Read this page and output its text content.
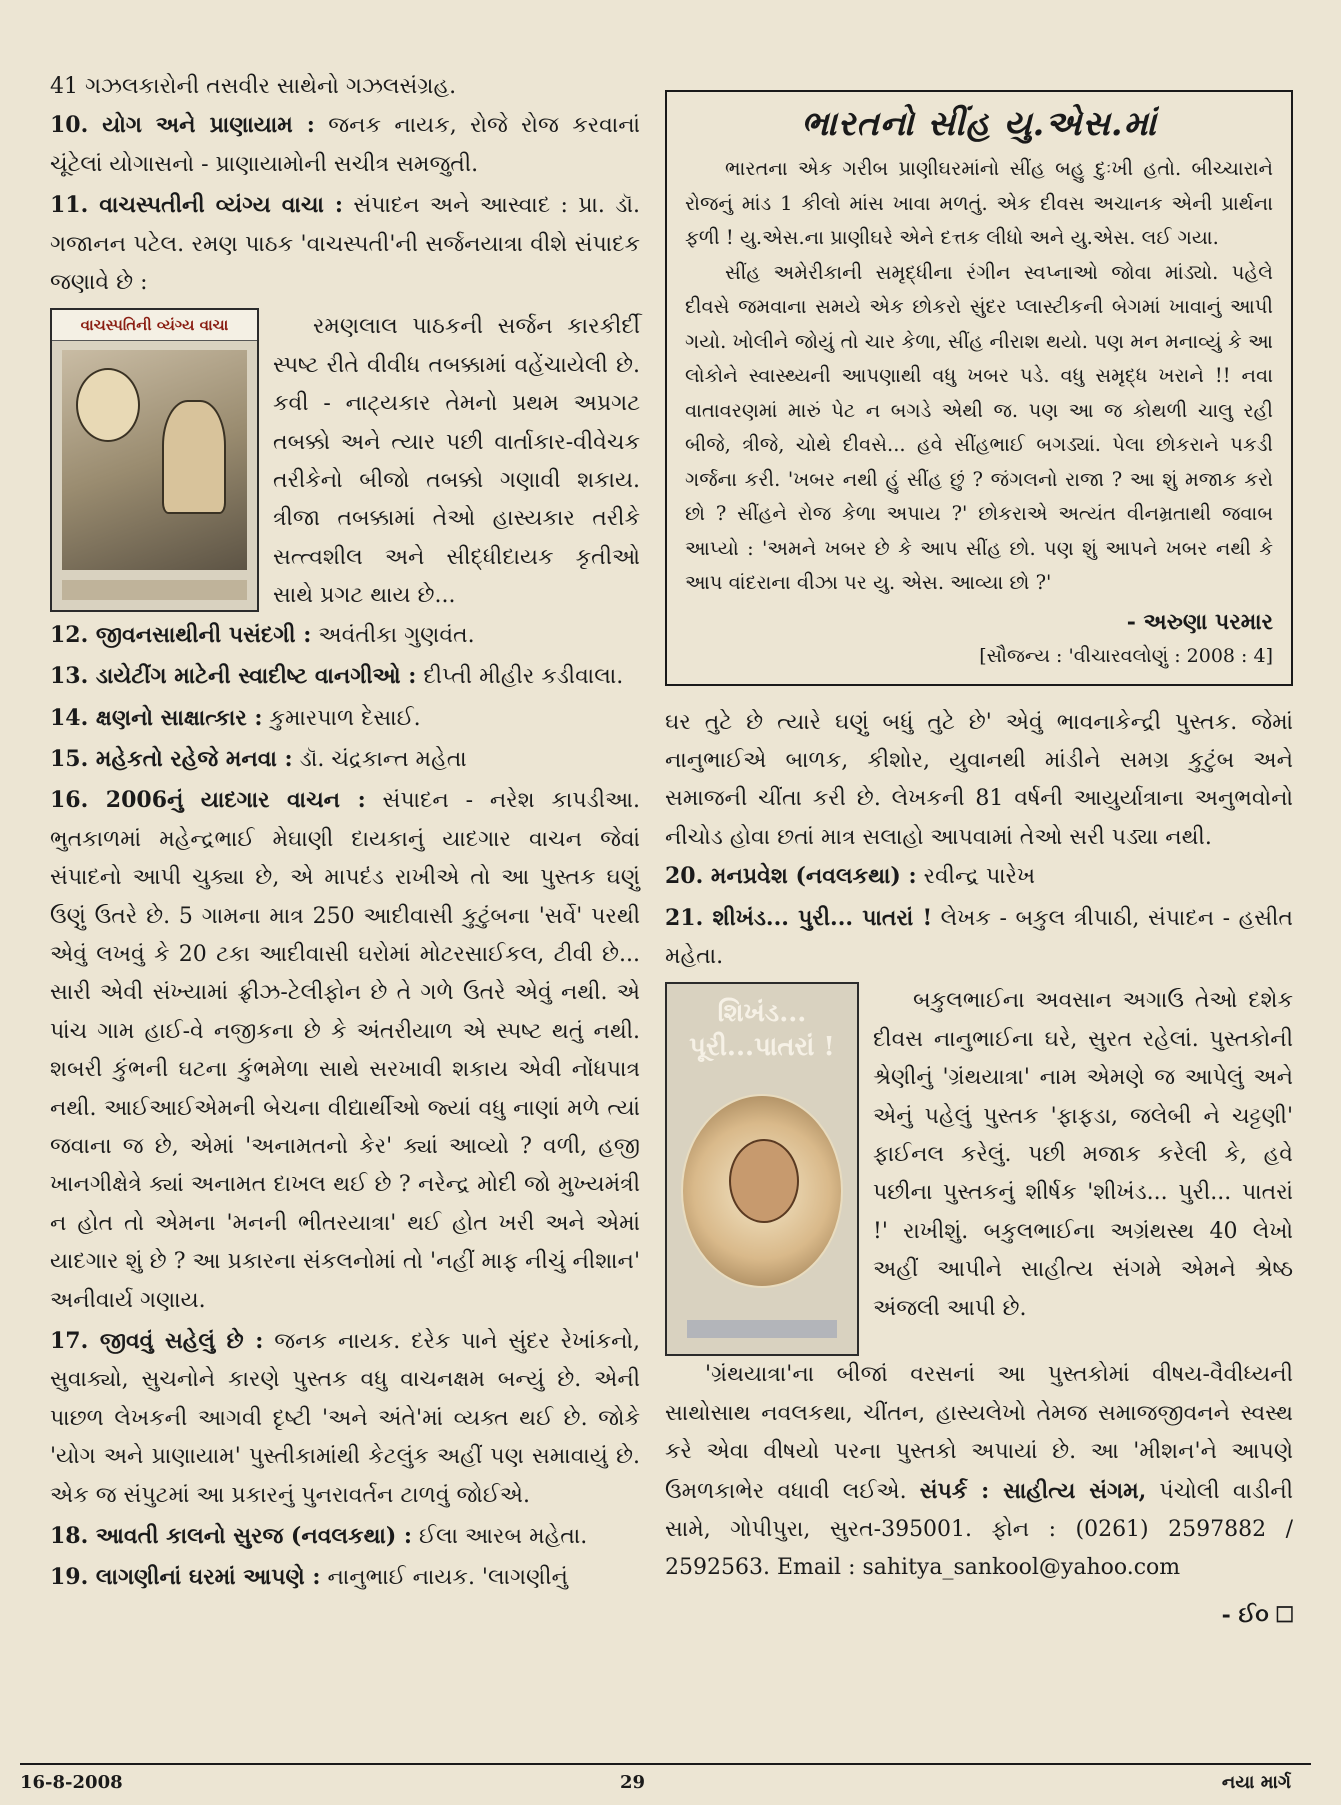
41 ગઝલકારોની તસવીર સાથેનો ગઝલસંગ્રહ.

10. યોગ અને પ્રાણાયામ : જનક નાયક, રોજે રોજ કરવાનાં ચૂંટેલાં યોગાસનો - પ્રાણાયામોની સચીત્ર સમજુતી.

11. વાચસ્પતીની વ્યંગ્ય વાચા : સંપાદન અને આસ્વાદ : પ્રા. ડૉ. ગજાનન પટેલ. રમણ પાઠક 'વાચસ્પતી'ની સર્જનયાત્રા વીશે સંપાદક જણાવે છે :

વાચસ્પતિની વ્યંગ્ય વાચા	રમણલાલ પાઠકની સર્જન કારકીર્દી સ્પષ્ટ રીતે વીવીધ તબક્કામાં વહેંચાયેલી છે. કવી - નાટ્યકાર તેમનો પ્રથમ અપ્રગટ તબક્કો અને ત્યાર પછી વાર્તાકાર-વીવેચક તરીકેનો બીજો તબક્કો ગણાવી શકાય. ત્રીજા તબક્કામાં તેઓ હાસ્યકાર તરીકે સત્ત્વશીલ અને સીદ્ધીદાયક કૃતીઓ સાથે પ્રગટ થાય છે...

12. જીવનસાથીની પસંદગી : અવંતીકા ગુણવંત.

13. ડાયેટીંગ માટેની સ્વાદીષ્ટ વાનગીઓ : દીપ્તી મીહીર કડીવાલા.

14. ક્ષણનો સાક્ષાત્કાર : કુમારપાળ દેસાઈ.

15. મહેકતો રહેજે મનવા : ડૉ. ચંદ્રકાન્ત મહેતા

16. 2006નું યાદગાર વાચન : સંપાદન - નરેશ કાપડીઆ. ભુતકાળમાં મહેન્દ્રભાઈ મેઘાણી દાયકાનું યાદગાર વાચન જેવાં સંપાદનો આપી ચુક્યા છે, એ માપદંડ રાખીએ તો આ પુસ્તક ઘણું ઉણું ઉતરે છે. 5 ગામના માત્ર 250 આદીવાસી કુટુંબના 'સર્વે' પરથી એવું લખવું કે 20 ટકા આદીવાસી ઘરોમાં મોટરસાઈકલ, ટીવી છે... સારી એવી સંખ્યામાં ફ્રીઝ-ટેલીફોન છે તે ગળે ઉતરે એવું નથી. એ પાંચ ગામ હાઈ-વે નજીકના છે કે અંતરીયાળ એ સ્પષ્ટ થતું નથી. શબરી કુંભની ઘટના કુંભમેળા સાથે સરખાવી શકાય એવી નોંધપાત્ર નથી. આઈઆઈએમની બેચના વીદ્યાર્થીઓ જ્યાં વધુ નાણાં મળે ત્યાં જવાના જ છે, એમાં 'અનામતનો કેર' ક્યાં આવ્યો ? વળી, હજી ખાનગીક્ષેત્રે ક્યાં અનામત દાખલ થઈ છે ? નરેન્દ્ર મોદી જો મુખ્યમંત્રી ન હોત તો એમના 'મનની ભીતરયાત્રા' થઈ હોત ખરી અને એમાં યાદગાર શું છે ? આ પ્રકારના સંકલનોમાં તો 'નહીં માફ નીચું નીશાન' અનીવાર્ય ગણાય.

17. જીવવું સહેલું છે : જનક નાયક. દરેક પાને સુંદર રેખાંકનો, સુવાક્યો, સુચનોને કારણે પુસ્તક વધુ વાચનક્ષમ બન્યું છે. એની પાછળ લેખકની આગવી દૃષ્ટી 'અને અંતે'માં વ્યક્ત થઈ છે. જોકે 'યોગ અને પ્રાણાયામ' પુસ્તીકામાંથી કેટલુંક અહીં પણ સમાવાયું છે. એક જ સંપુટમાં આ પ્રકારનું પુનરાવર્તન ટાળવું જોઈએ.

18. આવતી કાલનો સુરજ (નવલકથા) : ઈલા આરબ મહેતા.

19. લાગણીનાં ઘરમાં આપણે : નાનુભાઈ નાયક. 'લાગણીનું

ભારતનો સીંહ યુ.એસ.માં

ભારતના એક ગરીબ પ્રાણીઘરમાંનો સીંહ બહુ દુઃખી હતો. બીચ્ચારાને રોજનું માંડ 1 કીલો માંસ ખાવા મળતું. એક દીવસ અચાનક એની પ્રાર્થના ફળી ! યુ.એસ.ના પ્રાણીઘરે એને દત્તક લીધો અને યુ.એસ. લઈ ગયા.

સીંહ અમેરીકાની સમૃદ્ધીના રંગીન સ્વપ્નાઓ જોવા માંડ્યો. પહેલે દીવસે જમવાના સમયે એક છોકરો સુંદર પ્લાસ્ટીકની બેગમાં ખાવાનું આપી ગયો. ખોલીને જોયું તો ચાર કેળા, સીંહ નીરાશ થયો. પણ મન મનાવ્યું કે આ લોકોને સ્વાસ્થ્યની આપણાથી વધુ ખબર પડે. વધુ સમૃદ્ધ ખરાને !! નવા વાતાવરણમાં મારું પેટ ન બગડે એથી જ. પણ આ જ કોથળી ચાલુ રહી બીજે, ત્રીજે, ચોથે દીવસે... હવે સીંહભાઈ બગડ્યાં. પેલા છોકરાને પકડી ગર્જના કરી. 'ખબર નથી હું સીંહ છું ? જંગલનો રાજા ? આ શું મજાક કરો છો ? સીંહને રોજ કેળા અપાય ?' છોકરાએ અત્યંત વીનમ્રતાથી જવાબ આપ્યો : 'અમને ખબર છે કે આપ સીંહ છો. પણ શું આપને ખબર નથી કે આપ વાંદરાના વીઝા પર યુ. એસ. આવ્યા છો ?'

- અરુણા પરમાર
[સૌજન્ય : 'વીચારવલોણું : 2008 : 4]

ઘર તુટે છે ત્યારે ઘણું બધું તુટે છે' એવું ભાવનાકેન્દ્રી પુસ્તક. જેમાં નાનુભાઈએ બાળક, કીશોર, યુવાનથી માંડીને સમગ્ર કુટુંબ અને સમાજની ચીંતા કરી છે. લેખકની 81 વર્ષની આયુર્યાત્રાના અનુભવોનો નીચોડ હોવા છતાં માત્ર સલાહો આપવામાં તેઓ સરી પડ્યા નથી.

20. મનપ્રવેશ (નવલકથા) : રવીન્દ્ર પારેખ

21. શીખંડ... પુરી... પાતરાં ! લેખક - બકુલ ત્રીપાઠી, સંપાદન - હસીત મહેતા.

શિખંડ... પૂરી...પાતરાં !

બકુલભાઈના અવસાન અગાઉ તેઓ દશેક દીવસ નાનુભાઈના ઘરે, સુરત રહેલાં. પુસ્તકોની શ્રેણીનું 'ગ્રંથયાત્રા' નામ એમણે જ આપેલું અને એનું પહેલું પુસ્તક 'ફાફડા, જલેબી ને ચટ્ટણી' ફાઈનલ કરેલું. પછી મજાક કરેલી કે, હવે પછીના પુસ્તકનું શીર્ષક 'શીખંડ... પુરી... પાતરાં !' રાખીશું. બકુલભાઈના અગ્રંથસ્થ 40 લેખો અહીં આપીને સાહીત્ય સંગમે એમને શ્રેષ્ઠ અંજલી આપી છે.

'ગ્રંથયાત્રા'ના બીજાં વરસનાં આ પુસ્તકોમાં વીષય-વૈવીધ્યની સાથોસાથ નવલકથા, ચીંતન, હાસ્યલેખો તેમજ સમાજજીવનને સ્વસ્થ કરે એવા વીષયો પરના પુસ્તકો અપાયાં છે. આ 'મીશન'ને આપણે ઉમળકાભેર વધાવી લઈએ. સંપર્ક : સાહીત્ય સંગમ, પંચોલી વાડીની સામે, ગોપીપુરા, સુરત-395001. ફોન : (0261) 2597882 / 2592563. Email : sahitya_sankool@yahoo.com

- ઈ૦ ☐
16-8-2008	29	નયા માર્ગ
